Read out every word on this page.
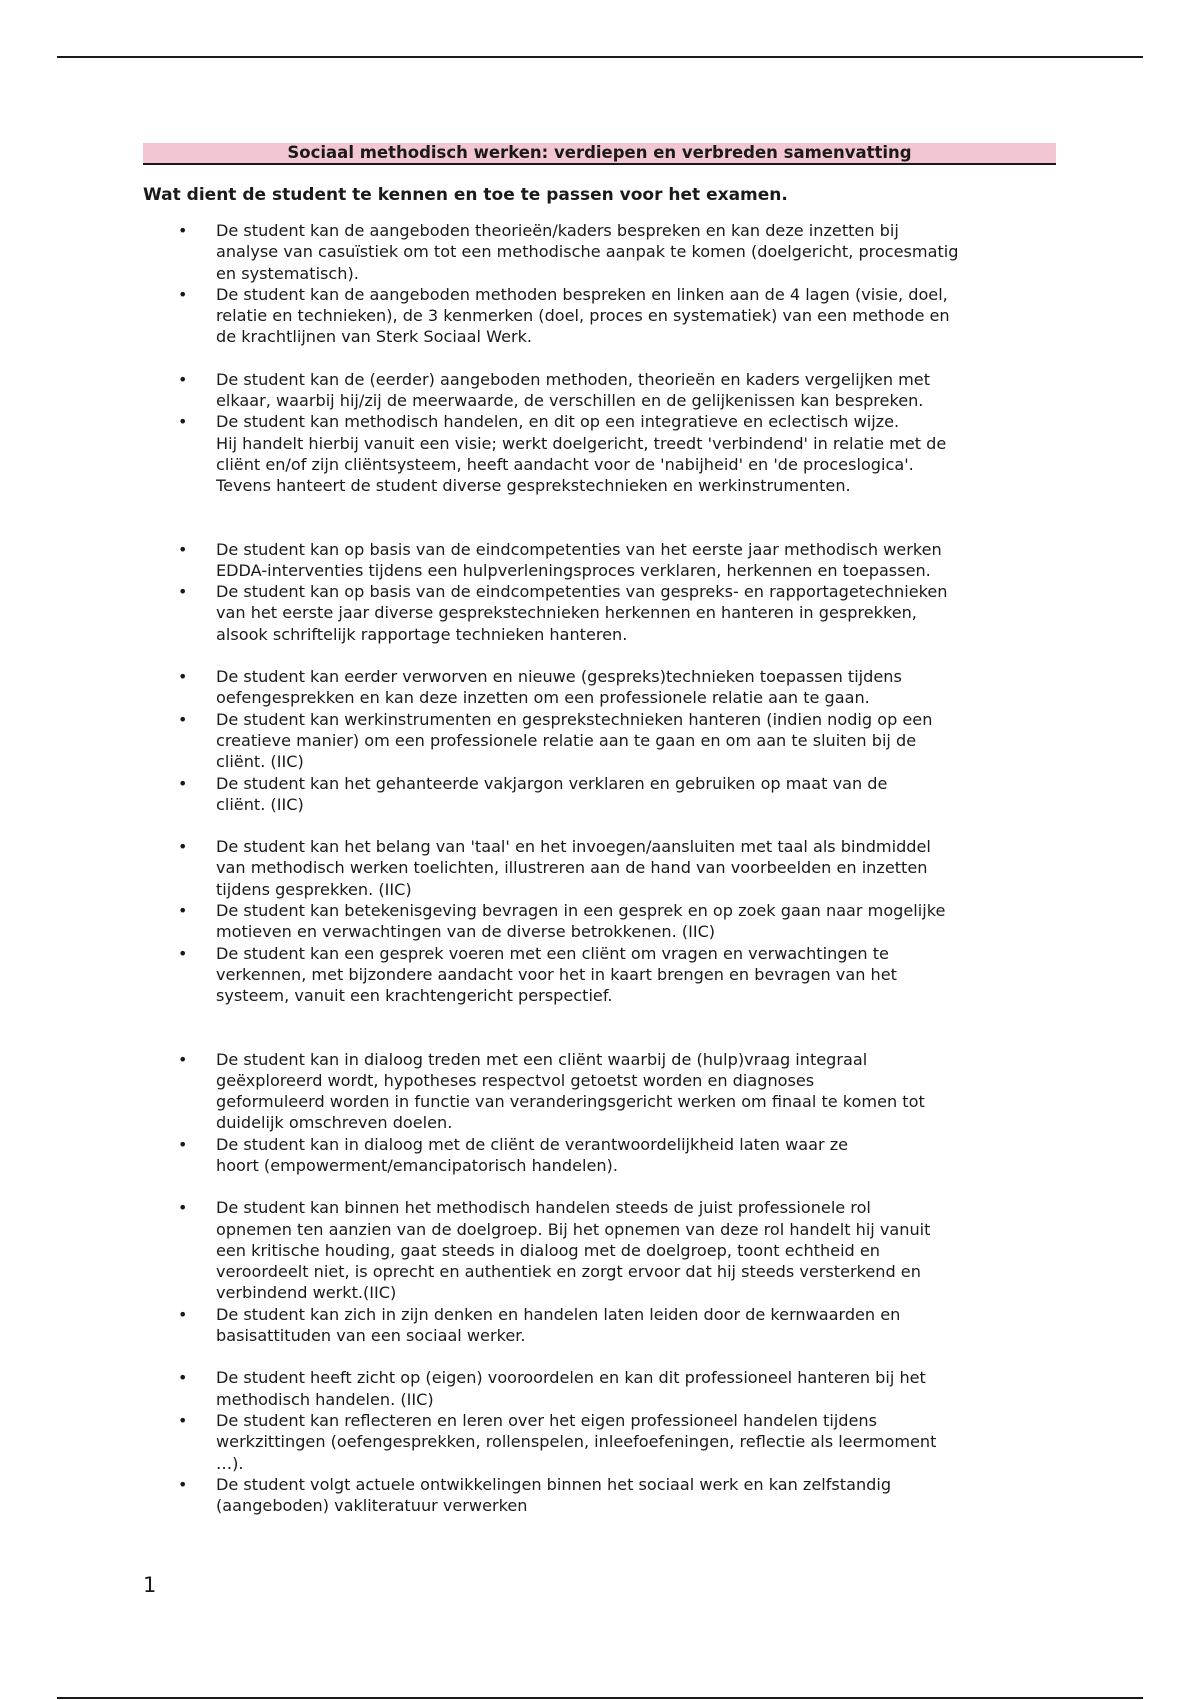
Sociaal methodisch werken: verdiepen en verbreden samenvatting
Wat dient de student te kennen en toe te passen voor het examen.
• De student kan de aangeboden theorieën/kaders bespreken en kan deze inzetten bij
analyse van casuïstiek om tot een methodische aanpak te komen (doelgericht, procesmatig
en systematisch).
• De student kan de aangeboden methoden bespreken en linken aan de 4 lagen (visie, doel,
relatie en technieken), de 3 kenmerken (doel, proces en systematiek) van een methode en
de krachtlijnen van Sterk Sociaal Werk.
• De student kan de (eerder) aangeboden methoden, theorieën en kaders vergelijken met
elkaar, waarbij hij/zij de meerwaarde, de verschillen en de gelijkenissen kan bespreken.
• De student kan methodisch handelen, en dit op een integratieve en eclectisch wijze.
Hij handelt hierbij vanuit een visie; werkt doelgericht, treedt 'verbindend' in relatie met de
cliënt en/of zijn cliëntsysteem, heeft aandacht voor de 'nabijheid' en 'de proceslogica'.
Tevens hanteert de student diverse gesprekstechnieken en werkinstrumenten.
• De student kan op basis van de eindcompetenties van het eerste jaar methodisch werken
EDDA-interventies tijdens een hulpverleningsproces verklaren, herkennen en toepassen.
• De student kan op basis van de eindcompetenties van gespreks- en rapportagetechnieken
van het eerste jaar diverse gesprekstechnieken herkennen en hanteren in gesprekken,
alsook schriftelijk rapportage technieken hanteren.
• De student kan eerder verworven en nieuwe (gespreks)technieken toepassen tijdens
oefengesprekken en kan deze inzetten om een professionele relatie aan te gaan.
• De student kan werkinstrumenten en gesprekstechnieken hanteren (indien nodig op een
creatieve manier) om een professionele relatie aan te gaan en om aan te sluiten bij de
cliënt. (IIC)
• De student kan het gehanteerde vakjargon verklaren en gebruiken op maat van de
cliënt. (IIC)
• De student kan het belang van 'taal' en het invoegen/aansluiten met taal als bindmiddel
van methodisch werken toelichten, illustreren aan de hand van voorbeelden en inzetten
tijdens gesprekken. (IIC)
• De student kan betekenisgeving bevragen in een gesprek en op zoek gaan naar mogelijke
motieven en verwachtingen van de diverse betrokkenen. (IIC)
• De student kan een gesprek voeren met een cliënt om vragen en verwachtingen te
verkennen, met bijzondere aandacht voor het in kaart brengen en bevragen van het
systeem, vanuit een krachtengericht perspectief.
• De student kan in dialoog treden met een cliënt waarbij de (hulp)vraag integraal
geëxploreerd wordt, hypotheses respectvol getoetst worden en diagnoses
geformuleerd worden in functie van veranderingsgericht werken om finaal te komen tot
duidelijk omschreven doelen.
• De student kan in dialoog met de cliënt de verantwoordelijkheid laten waar ze
hoort (empowerment/emancipatorisch handelen).
• De student kan binnen het methodisch handelen steeds de juist professionele rol
opnemen ten aanzien van de doelgroep. Bij het opnemen van deze rol handelt hij vanuit
een kritische houding, gaat steeds in dialoog met de doelgroep, toont echtheid en
veroordeelt niet, is oprecht en authentiek en zorgt ervoor dat hij steeds versterkend en
verbindend werkt.(IIC)
• De student kan zich in zijn denken en handelen laten leiden door de kernwaarden en
basisattituden van een sociaal werker.
• De student heeft zicht op (eigen) vooroordelen en kan dit professioneel hanteren bij het
methodisch handelen. (IIC)
• De student kan reflecteren en leren over het eigen professioneel handelen tijdens
werkzittingen (oefengesprekken, rollenspelen, inleefoefeningen, reflectie als leermoment
…).
• De student volgt actuele ontwikkelingen binnen het sociaal werk en kan zelfstandig
(aangeboden) vakliteratuur verwerken
1
